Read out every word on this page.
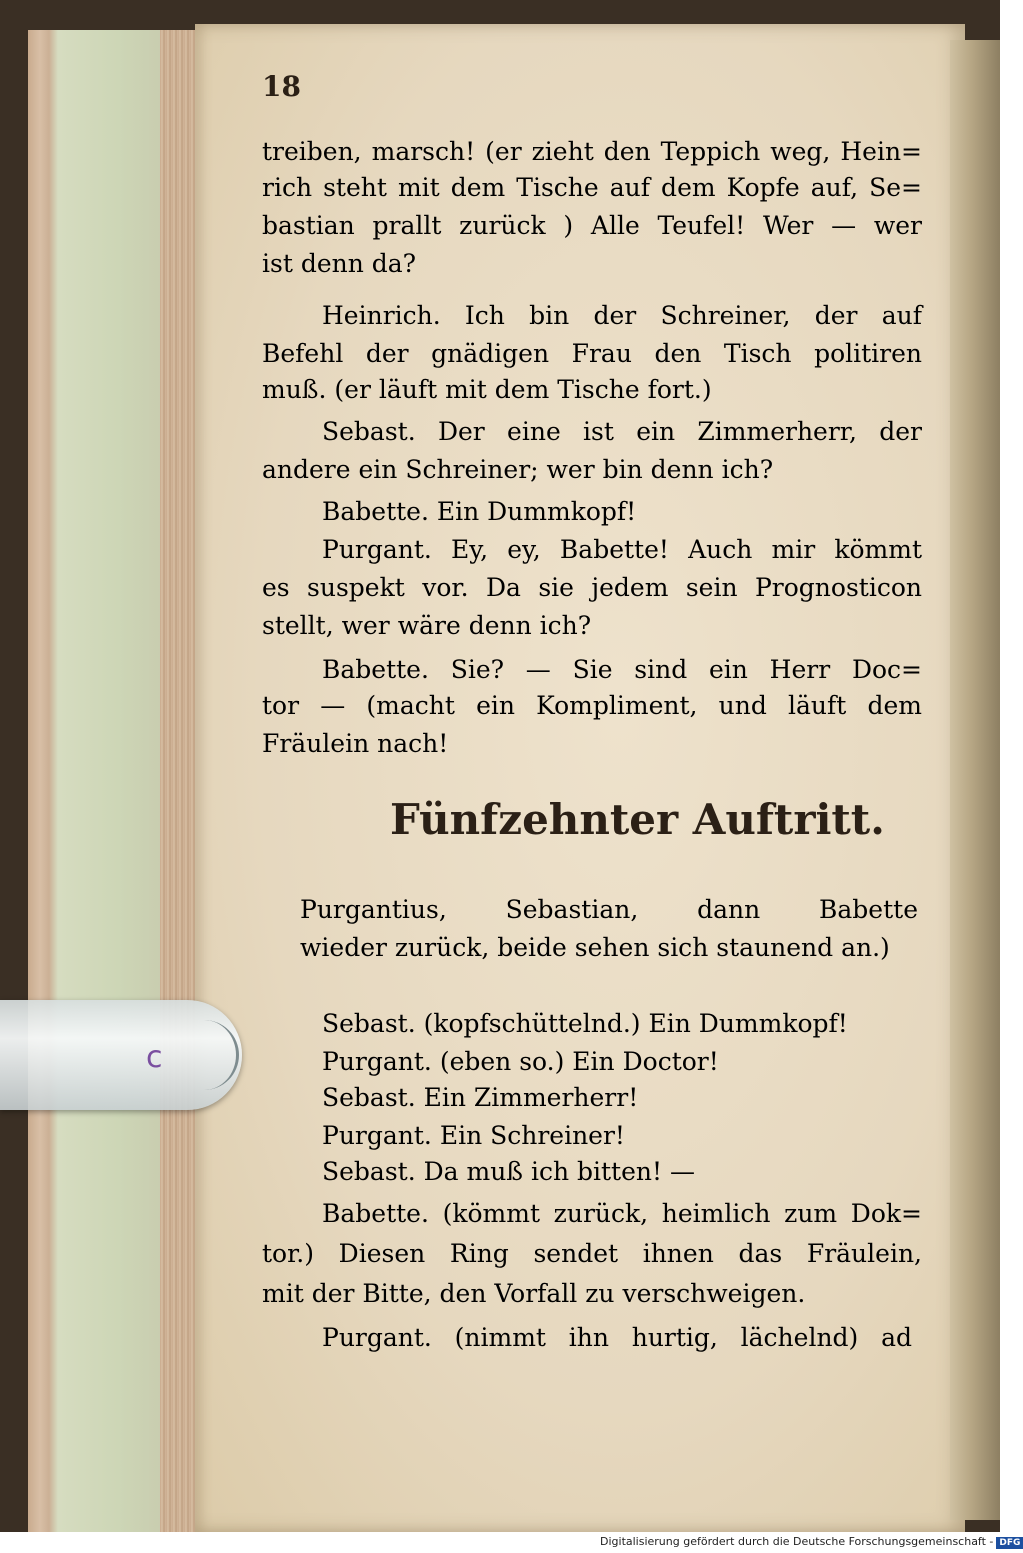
c
18
treiben, marsch! (er zieht den Teppich weg, Hein=
rich steht mit dem Tische auf dem Kopfe auf, Se=
bastian prallt zurück ) Alle Teufel! Wer — wer
ist denn da?
Heinrich. Ich bin der Schreiner, der auf
Befehl der gnädigen Frau den Tisch politiren
muß. (er läuft mit dem Tische fort.)
Sebast. Der eine ist ein Zimmerherr, der
andere ein Schreiner; wer bin denn ich?
Babette. Ein Dummkopf!
Purgant. Ey, ey, Babette! Auch mir kömmt
es suspekt vor. Da sie jedem sein Prognosticon
stellt, wer wäre denn ich?
Babette. Sie? — Sie sind ein Herr Doc=
tor — (macht ein Kompliment, und läuft dem
Fräulein nach!
Fünfzehnter Auftritt.
Purgantius, Sebastian, dann Babette
wieder zurück, beide sehen sich staunend an.)
Sebast. (kopfschüttelnd.) Ein Dummkopf!
Purgant. (eben so.) Ein Doctor!
Sebast. Ein Zimmerherr!
Purgant. Ein Schreiner!
Sebast. Da muß ich bitten! —
Babette. (kömmt zurück, heimlich zum Dok=
tor.) Diesen Ring sendet ihnen das Fräulein,
mit der Bitte, den Vorfall zu verschweigen.
Purgant. (nimmt ihn hurtig, lächelnd) ad
Digitalisierung gefördert durch die Deutsche Forschungsgemeinschaft - DFG
